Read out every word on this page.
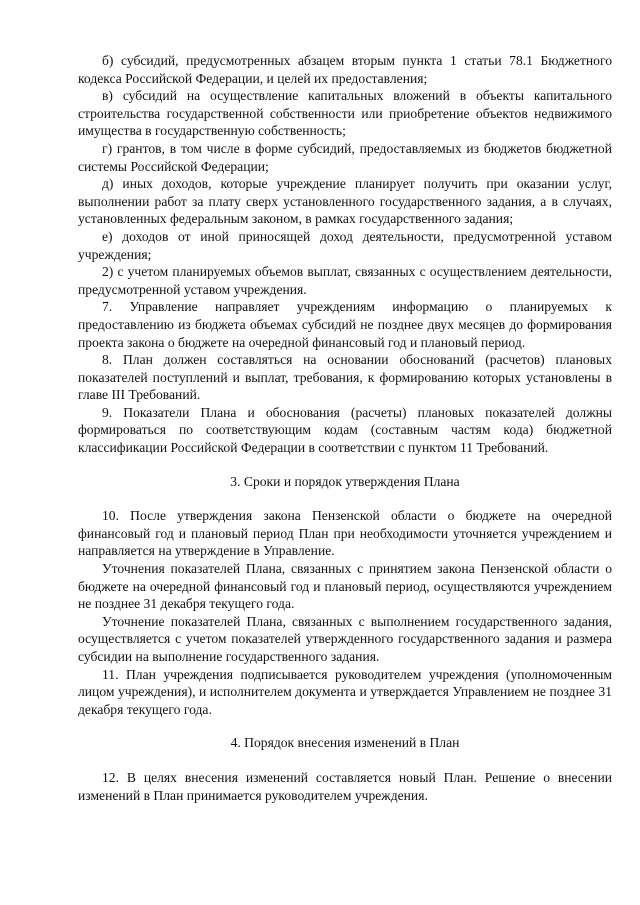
б) субсидий, предусмотренных абзацем вторым пункта 1 статьи 78.1 Бюджетного кодекса Российской Федерации, и целей их предоставления;

в) субсидий на осуществление капитальных вложений в объекты капитального строительства государственной собственности или приобретение объектов недвижимого имущества в государственную собственность;

г) грантов, в том числе в форме субсидий, предоставляемых из бюджетов бюджетной системы Российской Федерации;

д) иных доходов, которые учреждение планирует получить при оказании услуг, выполнении работ за плату сверх установленного государственного задания, а в случаях, установленных федеральным законом, в рамках государственного задания;

е) доходов от иной приносящей доход деятельности, предусмотренной уставом учреждения;

2) с учетом планируемых объемов выплат, связанных с осуществлением деятельности, предусмотренной уставом учреждения.

7. Управление направляет учреждениям информацию о планируемых к предоставлению из бюджета объемах субсидий не позднее двух месяцев до формирования проекта закона о бюджете на очередной финансовый год и плановый период.

8. План должен составляться на основании обоснований (расчетов) плановых показателей поступлений и выплат, требования, к формированию которых установлены в главе III Требований.

9. Показатели Плана и обоснования (расчеты) плановых показателей должны формироваться по соответствующим кодам (составным частям кода) бюджетной классификации Российской Федерации в соответствии с пунктом 11 Требований.

3. Сроки и порядок утверждения Плана

10. После утверждения закона Пензенской области о бюджете на очередной финансовый год и плановый период План при необходимости уточняется учреждением и направляется на утверждение в Управление.

Уточнения показателей Плана, связанных с принятием закона Пензенской области о бюджете на очередной финансовый год и плановый период, осуществляются учреждением не позднее 31 декабря текущего года.

Уточнение показателей Плана, связанных с выполнением государственного задания, осуществляется с учетом показателей утвержденного государственного задания и размера субсидии на выполнение государственного задания.

11. План учреждения подписывается руководителем учреждения (уполномоченным лицом учреждения), и исполнителем документа и утверждается Управлением не позднее 31 декабря текущего года.

4. Порядок внесения изменений в План

12. В целях внесения изменений составляется новый План. Решение о внесении изменений в План принимается руководителем учреждения.
